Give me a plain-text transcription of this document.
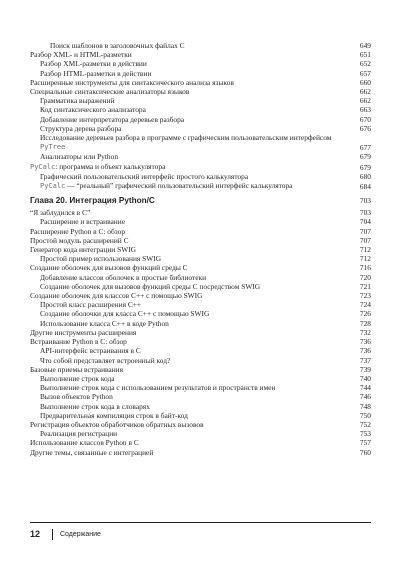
Поиск шаблонов в заголовочных файлах C	649
Разбор XML- и HTML-разметки	651
Разбор XML-разметки в действии	652
Разбор HTML-разметки в действии	657
Расширенные инструменты для синтаксического анализа языков	660
Специальные синтаксические анализаторы языков	662
Грамматика выражений	662
Код синтаксического анализатора	663
Добавление интерпретатора деревьев разбора	670
Структура дерева разбора	676
Исследование деревьев разбора в программе с графическим пользовательским интерфейсом PyTree	677
Анализаторы или Python	679
PyCalc: программа и объект калькулятора	679
Графический пользовательский интерфейс простого калькулятора	680
PyCalc — “реальный” графический пользовательский интерфейс калькулятора	684
Глава 20. Интеграция Python/C	703
“Я заблудился в C”	703
Расширение и встраивание	704
Расширение Python в C: обзор	707
Простой модуль расширений C	707
Генератор кода интеграции SWIG	712
Простой пример использования SWIG	712
Создание оболочек для вызовов функций среды C	716
Добавление классов оболочек в простые библиотеки	720
Создание оболочек для вызовов функций среды C посредством SWIG	721
Создание оболочек для классов C++ с помощью SWIG	723
Простой класс расширения C++	724
Создание оболочки для класса C++ с помощью SWIG	726
Использование класса C++ в коде Python	728
Другие инструменты расширения	732
Встраивание Python в C: обзор	736
API-интерфейс встраивания в C	736
Что собой представляет встроенный код?	737
Базовые приемы встраивания	739
Выполнение строк кода	740
Выполнение строк кода с использованием результатов и пространств имен	744
Вызов объектов Python	746
Выполнение строк кода в словарях	748
Предварительная компиляция строк в байт-код	750
Регистрация объектов обработчиков обратных вызовов	752
Реализация регистрации	753
Использование классов Python в C	757
Другие темы, связанные с интеграцией	760
12	Содержание
